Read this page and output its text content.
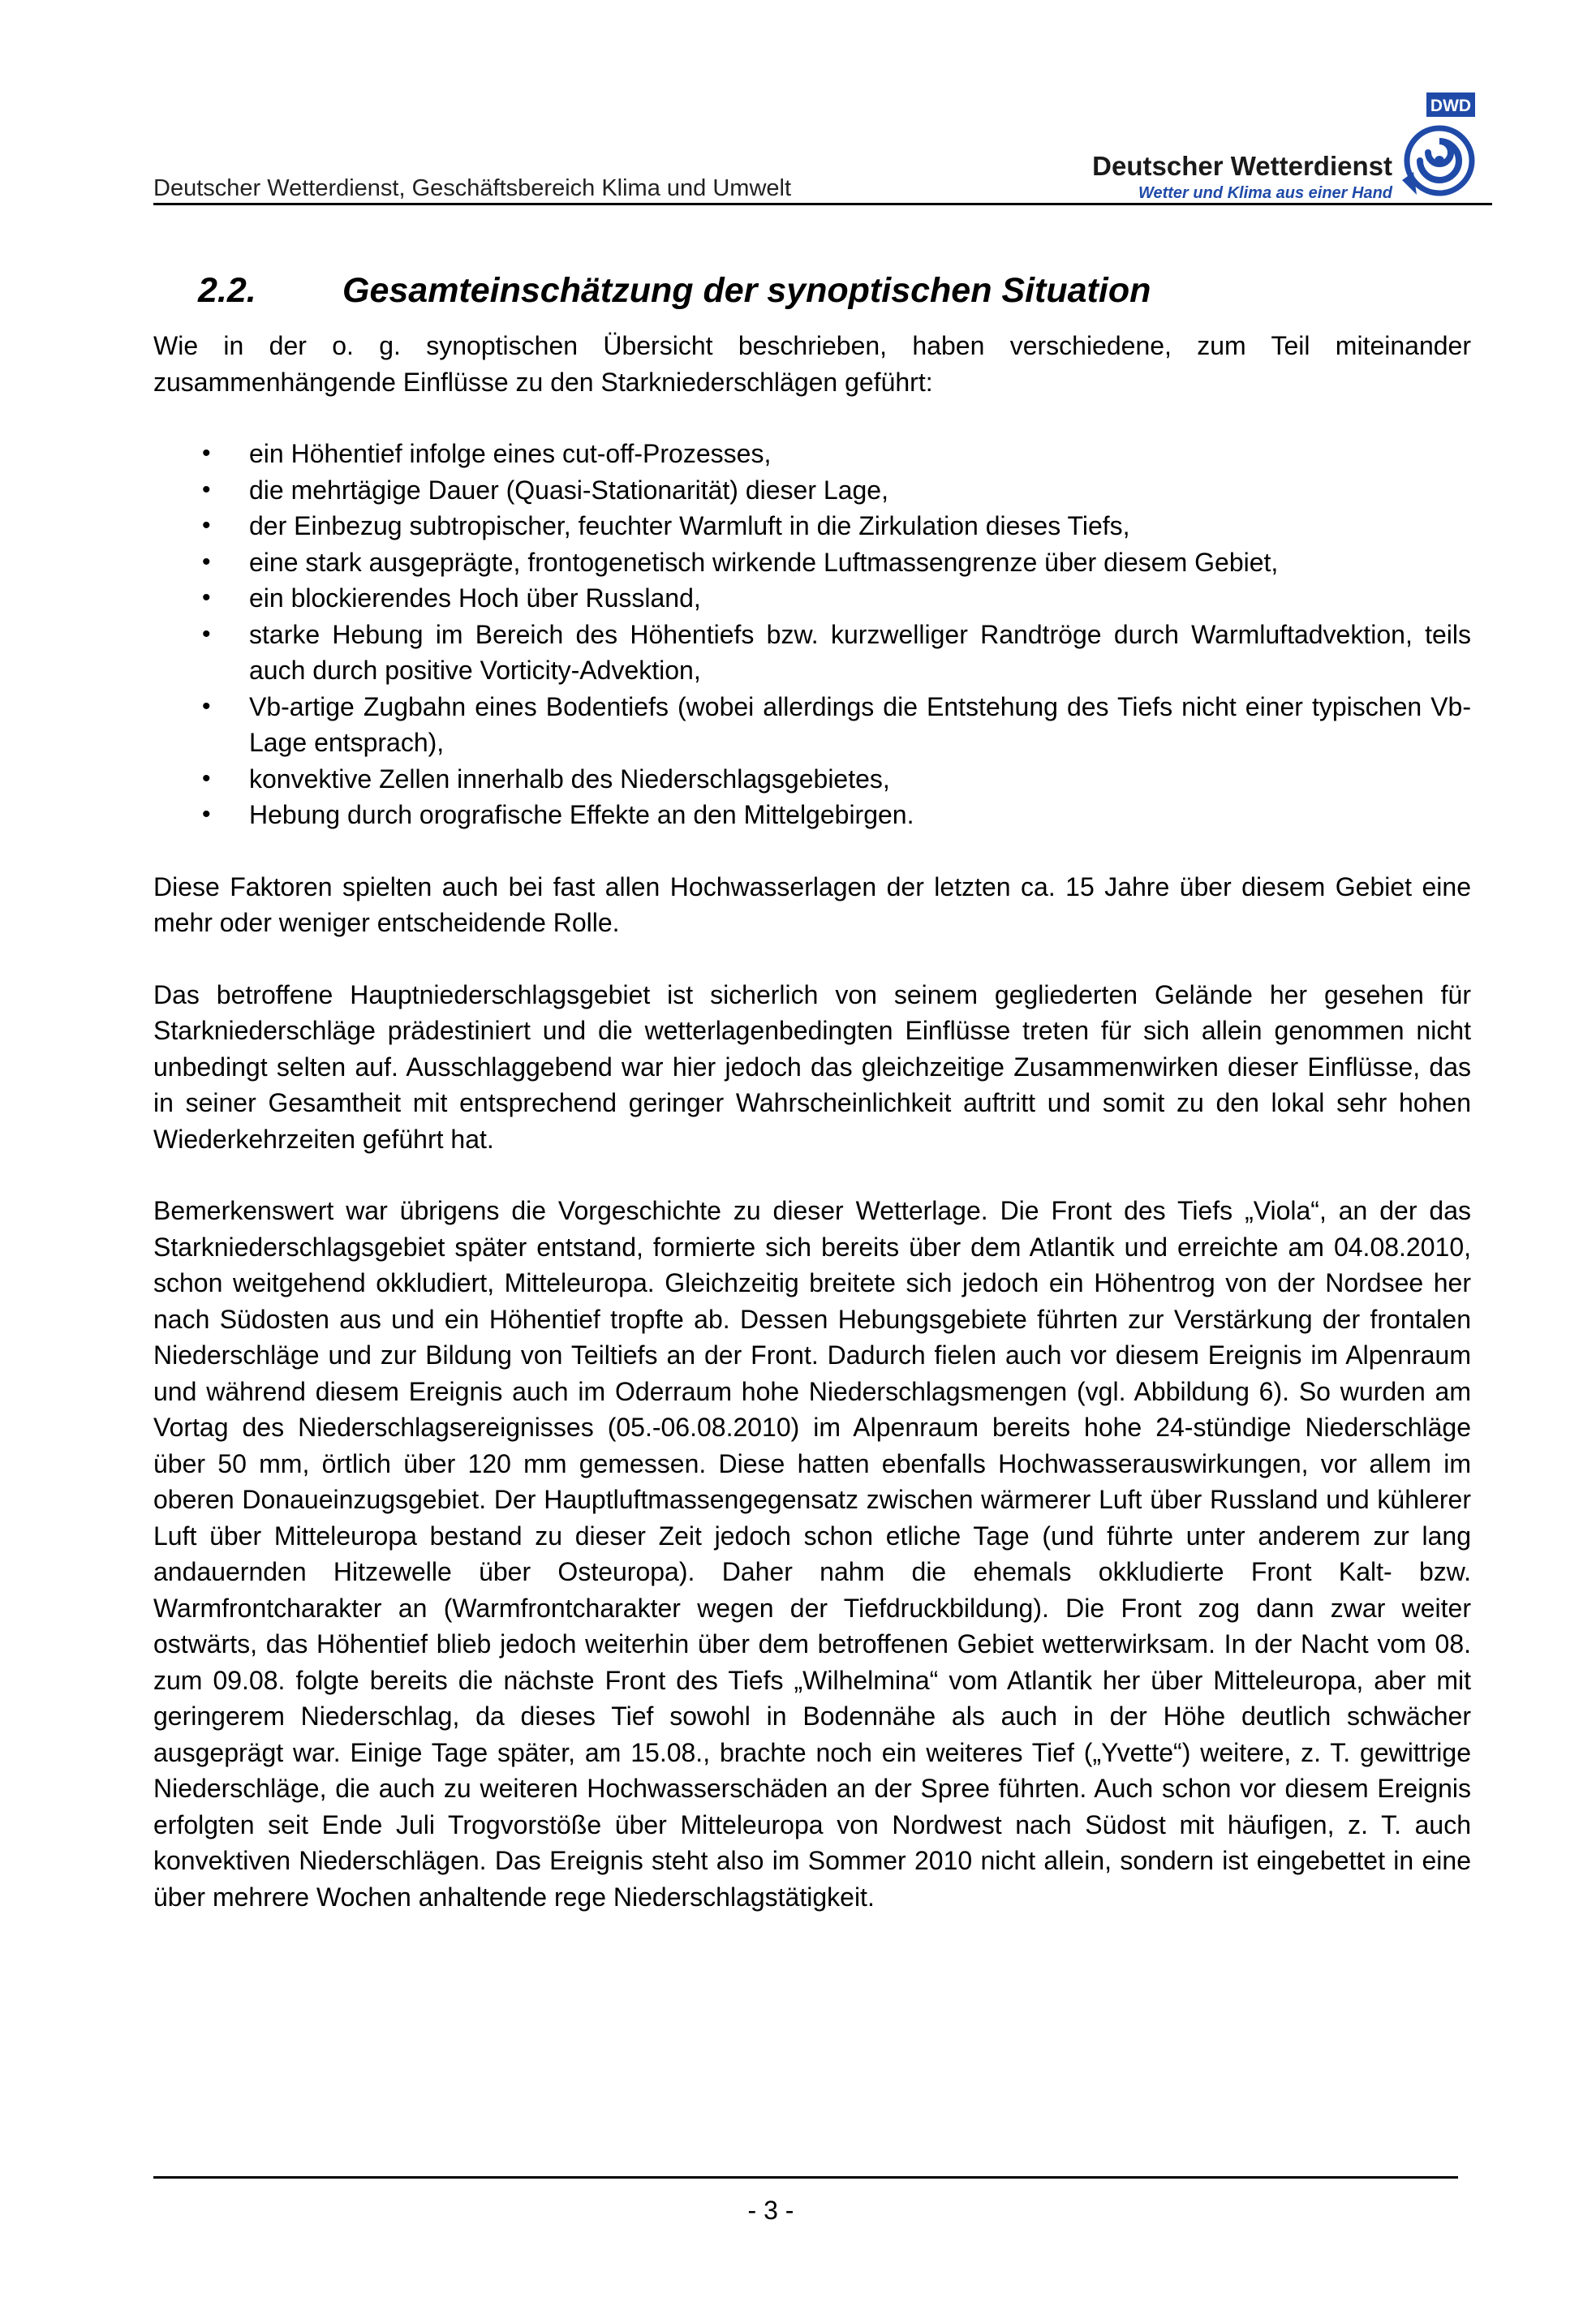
Deutscher Wetterdienst, Geschäftsbereich Klima und Umwelt
Deutscher Wetterdienst
Wetter und Klima aus einer Hand
DWD
2.2. Gesamteinschätzung der synoptischen Situation

Wie in der o. g. synoptischen Übersicht beschrieben, haben verschiedene, zum Teil miteinander zusammenhängende Einflüsse zu den Starkniederschlägen geführt:

• ein Höhentief infolge eines cut-off-Prozesses,
• die mehrtägige Dauer (Quasi-Stationarität) dieser Lage,
• der Einbezug subtropischer, feuchter Warmluft in die Zirkulation dieses Tiefs,
• eine stark ausgeprägte, frontogenetisch wirkende Luftmassengrenze über diesem Gebiet,
• ein blockierendes Hoch über Russland,
• starke Hebung im Bereich des Höhentiefs bzw. kurzwelliger Randtröge durch Warmluftadvektion, teils auch durch positive Vorticity-Advektion,
• Vb-artige Zugbahn eines Bodentiefs (wobei allerdings die Entstehung des Tiefs nicht einer typischen Vb-Lage entsprach),
• konvektive Zellen innerhalb des Niederschlagsgebietes,
• Hebung durch orografische Effekte an den Mittelgebirgen.

Diese Faktoren spielten auch bei fast allen Hochwasserlagen der letzten ca. 15 Jahre über diesem Gebiet eine mehr oder weniger entscheidende Rolle.

Das betroffene Hauptniederschlagsgebiet ist sicherlich von seinem gegliederten Gelände her gesehen für Starkniederschläge prädestiniert und die wetterlagenbedingten Einflüsse treten für sich allein genommen nicht unbedingt selten auf. Ausschlaggebend war hier jedoch das gleichzeitige Zusammenwirken dieser Einflüsse, das in seiner Gesamtheit mit entsprechend geringer Wahrscheinlichkeit auftritt und somit zu den lokal sehr hohen Wiederkehrzeiten geführt hat.

Bemerkenswert war übrigens die Vorgeschichte zu dieser Wetterlage. Die Front des Tiefs „Viola“, an der das Starkniederschlagsgebiet später entstand, formierte sich bereits über dem Atlantik und erreichte am 04.08.2010, schon weitgehend okkludiert, Mitteleuropa. Gleichzeitig breitete sich jedoch ein Höhentrog von der Nordsee her nach Südosten aus und ein Höhentief tropfte ab. Dessen Hebungsgebiete führten zur Verstärkung der frontalen Niederschläge und zur Bildung von Teiltiefs an der Front. Dadurch fielen auch vor diesem Ereignis im Alpenraum und während diesem Ereignis auch im Oderraum hohe Niederschlagsmengen (vgl. Abbildung 6). So wurden am Vortag des Niederschlagsereignisses (05.-06.08.2010) im Alpenraum bereits hohe 24-stündige Niederschläge über 50 mm, örtlich über 120 mm gemessen. Diese hatten ebenfalls Hochwasserauswirkungen, vor allem im oberen Donaueinzugsgebiet. Der Hauptluftmassengegensatz zwischen wärmerer Luft über Russland und kühlerer Luft über Mitteleuropa bestand zu dieser Zeit jedoch schon etliche Tage (und führte unter anderem zur lang andauernden Hitzewelle über Osteuropa). Daher nahm die ehemals okkludierte Front Kalt- bzw. Warmfrontcharakter an (Warmfrontcharakter wegen der Tiefdruckbildung). Die Front zog dann zwar weiter ostwärts, das Höhentief blieb jedoch weiterhin über dem betroffenen Gebiet wetterwirksam. In der Nacht vom 08. zum 09.08. folgte bereits die nächste Front des Tiefs „Wilhelmina“ vom Atlantik her über Mitteleuropa, aber mit geringerem Niederschlag, da dieses Tief sowohl in Bodennähe als auch in der Höhe deutlich schwächer ausgeprägt war. Einige Tage später, am 15.08., brachte noch ein weiteres Tief („Yvette“) weitere, z. T. gewittrige Niederschläge, die auch zu weiteren Hochwasserschäden an der Spree führten. Auch schon vor diesem Ereignis erfolgten seit Ende Juli Trogvorstöße über Mitteleuropa von Nordwest nach Südost mit häufigen, z. T. auch konvektiven Niederschlägen. Das Ereignis steht also im Sommer 2010 nicht allein, sondern ist eingebettet in eine über mehrere Wochen anhaltende rege Niederschlagstätigkeit.

- 3 -
